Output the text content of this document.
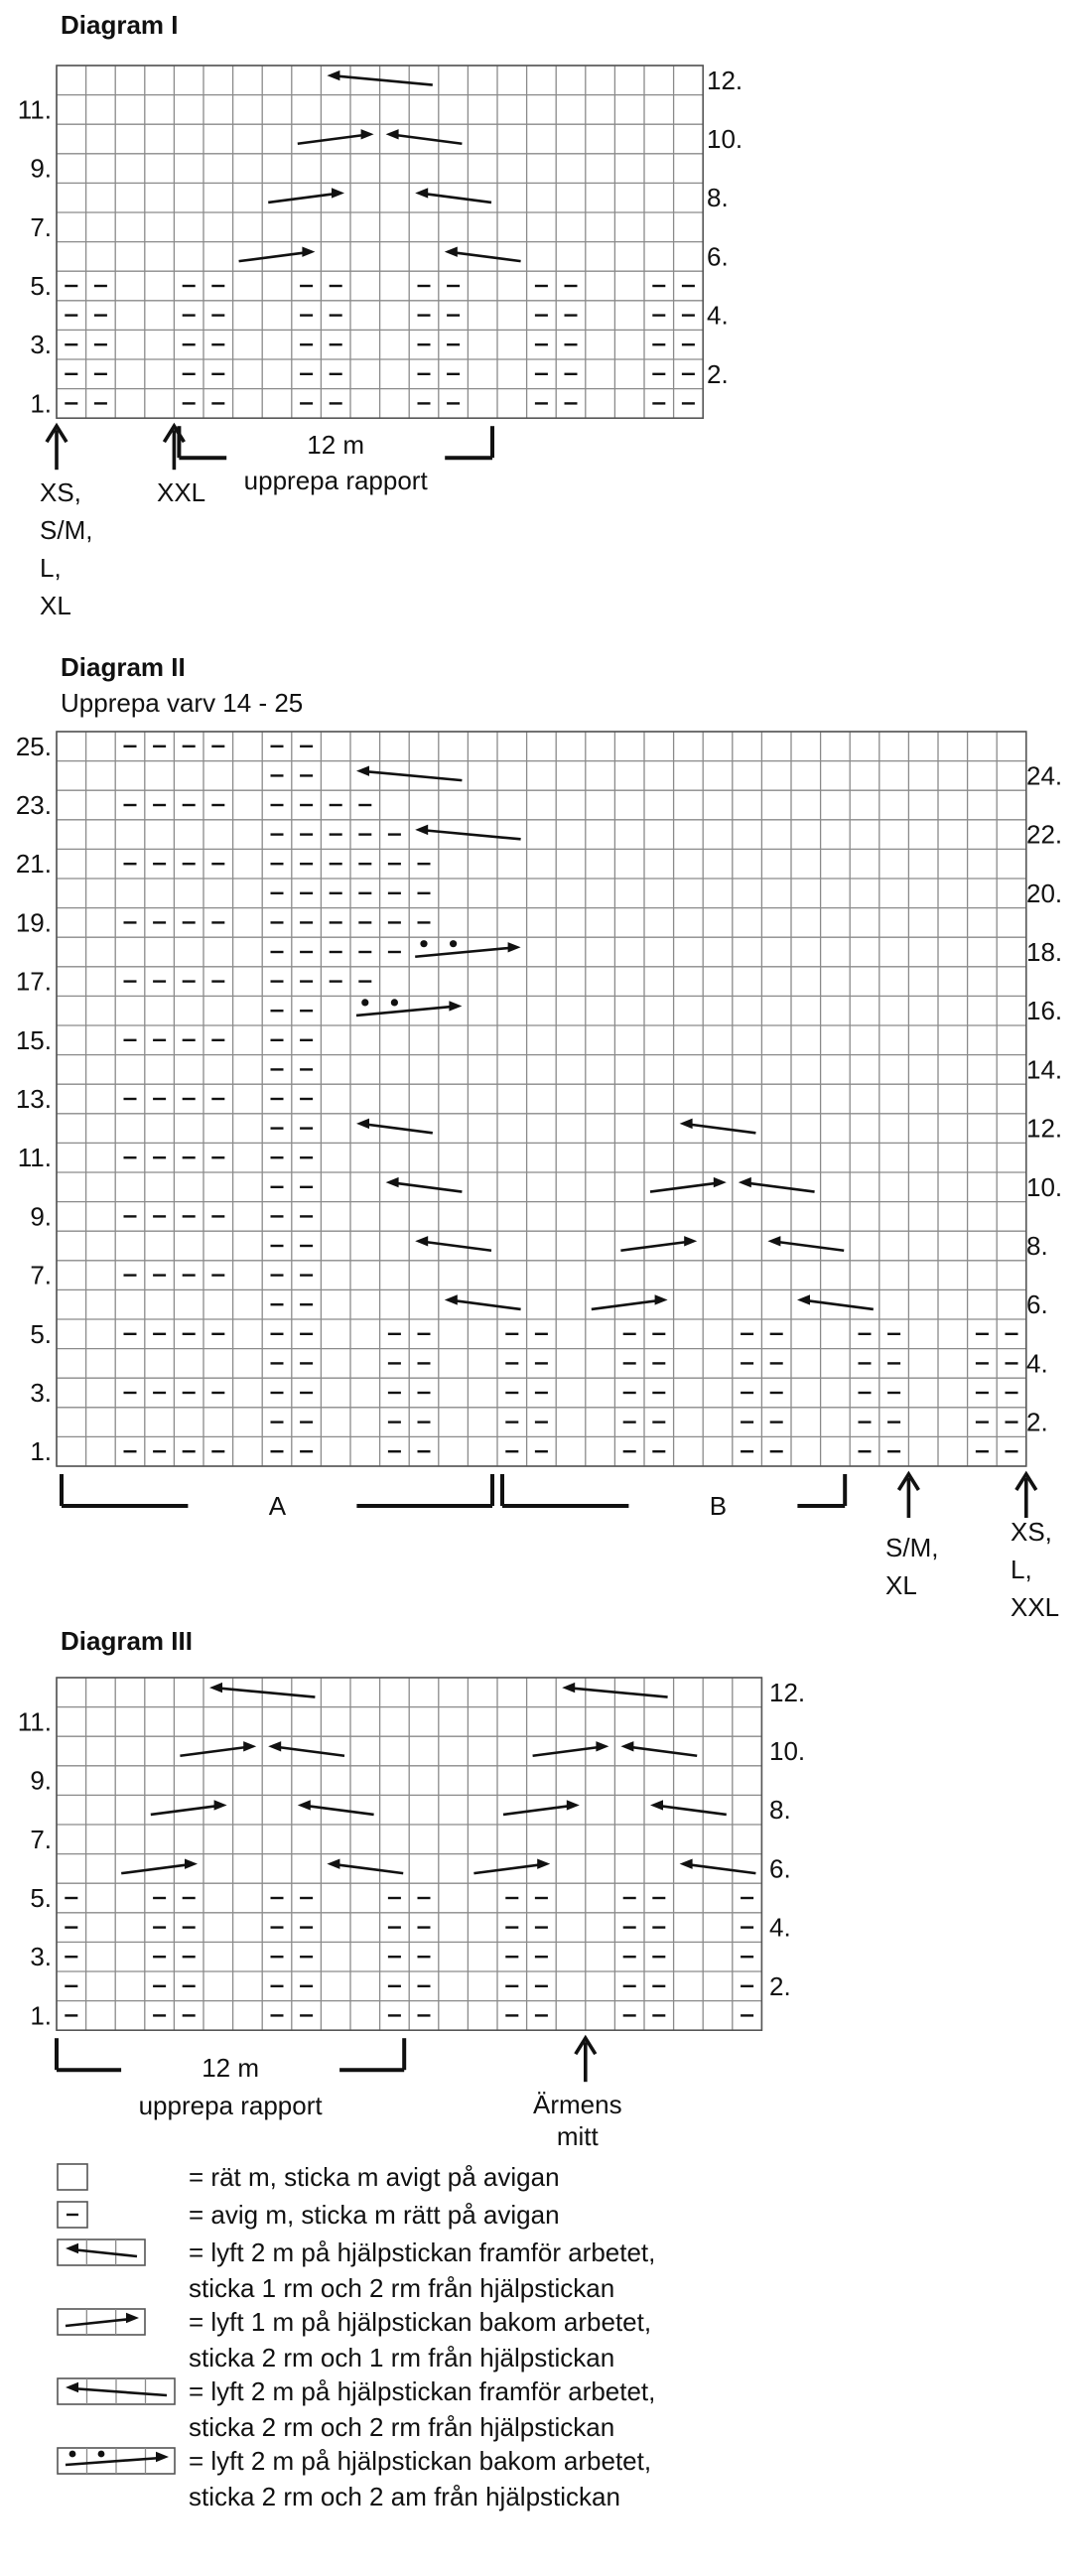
Diagram I
1.
3.
5.
7.
9.
11.
2.
4.
6.
8.
10.
12.
12 m
upprepa rapport
XS,
S/M,
L,
XL
XXL
Diagram II
Upprepa varv 14 - 25
1.
3.
5.
7.
9.
11.
13.
15.
17.
19.
21.
23.
25.
2.
4.
6.
8.
10.
12.
14.
16.
18.
20.
22.
24.
A	B
S/M,
XL
XS,
L,
XXL
Diagram III
1.
3.
5.
7.
9.
11.
2.
4.
6.
8.
10.
12.
12 m
upprepa rapport	Ärmens
mitt
= rät m, sticka m avigt på avigan
= avig m, sticka m rätt på avigan
= lyft 2 m på hjälpstickan framför arbetet,
sticka 1 rm och 2 rm från hjälpstickan
= lyft 1 m på hjälpstickan bakom arbetet,
sticka 2 rm och 1 rm från hjälpstickan
= lyft 2 m på hjälpstickan framför arbetet,
sticka 2 rm och 2 rm från hjälpstickan
= lyft 2 m på hjälpstickan bakom arbetet,
sticka 2 rm och 2 am från hjälpstickan
